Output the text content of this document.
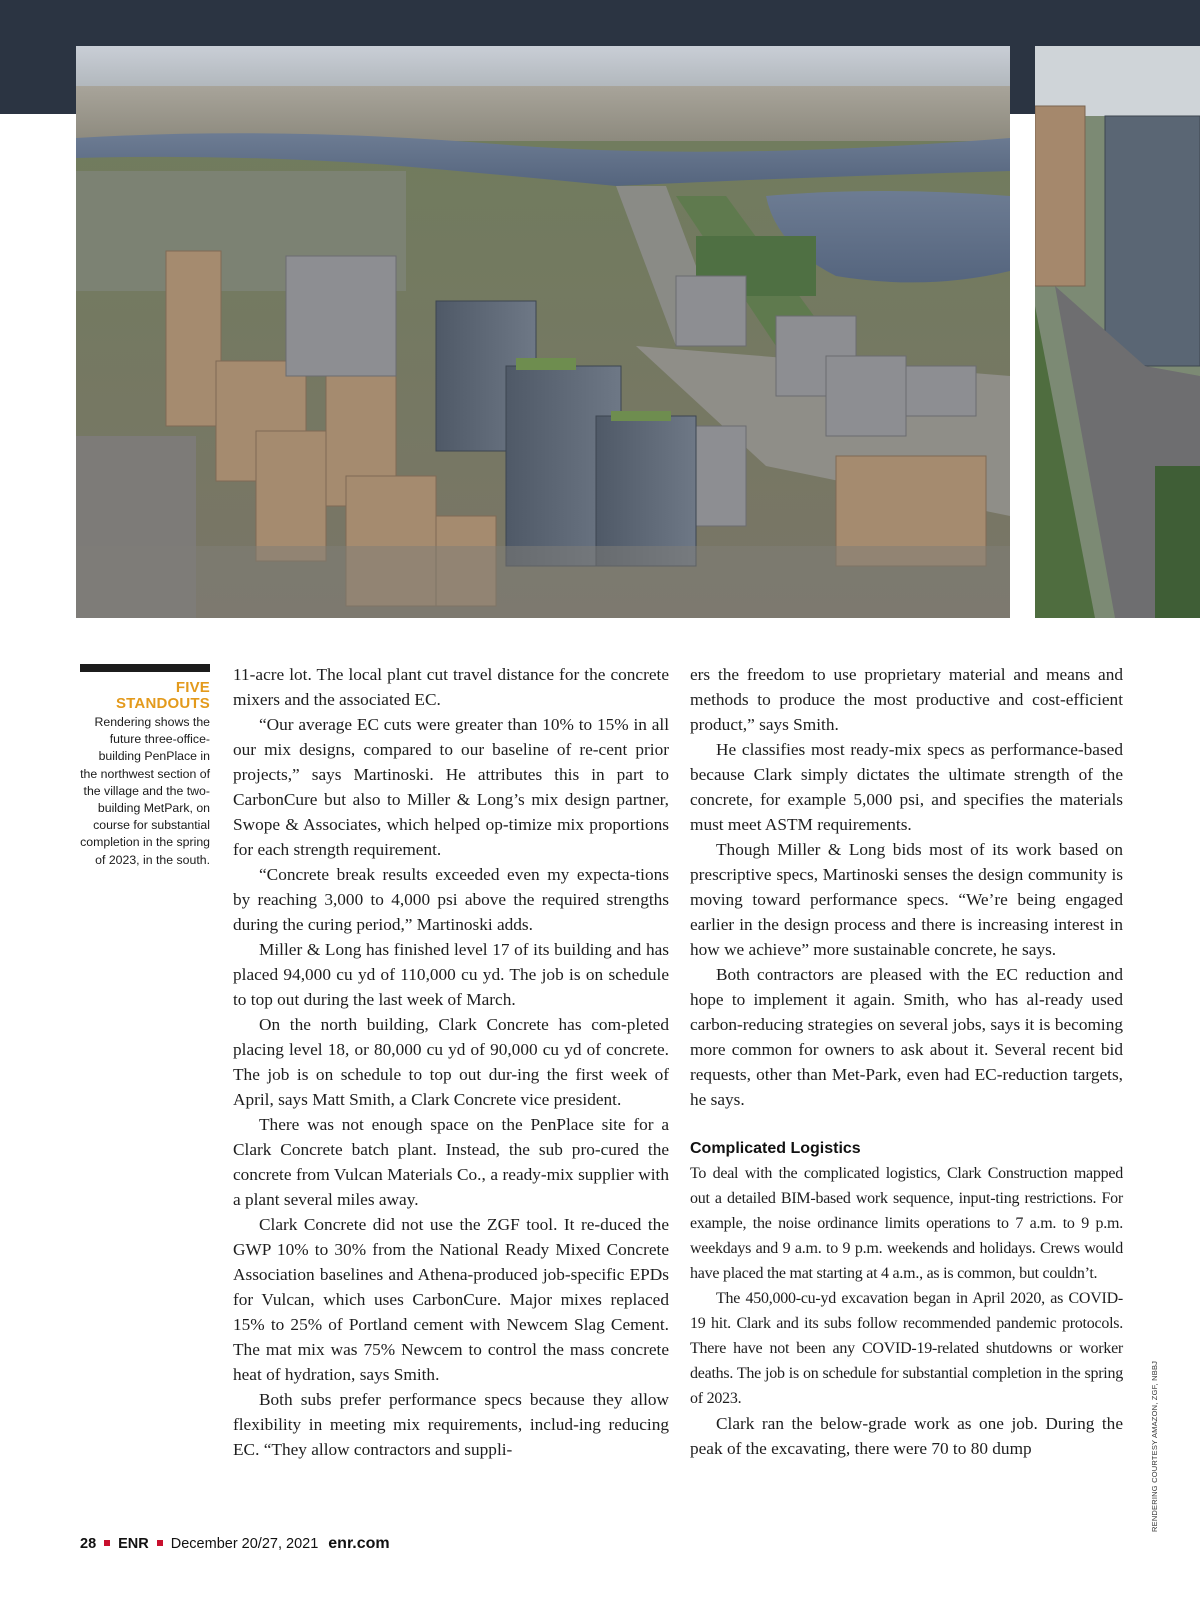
FIVE
STANDOUTS
Rendering shows the future three-office-building PenPlace in the northwest section of the village and the two-building MetPark, on course for substantial completion in the spring of 2023, in the south.

11-acre lot. The local plant cut travel distance for the concrete mixers and the associated EC.

“Our average EC cuts were greater than 10% to 15% in all our mix designs, compared to our baseline of re-cent prior projects,” says Martinoski. He attributes this in part to CarbonCure but also to Miller & Long’s mix design partner, Swope & Associates, which helped op-timize mix proportions for each strength requirement.

“Concrete break results exceeded even my expecta-tions by reaching 3,000 to 4,000 psi above the required strengths during the curing period,” Martinoski adds.

Miller & Long has finished level 17 of its building and has placed 94,000 cu yd of 110,000 cu yd. The job is on schedule to top out during the last week of March.

On the north building, Clark Concrete has com-pleted placing level 18, or 80,000 cu yd of 90,000 cu yd of concrete. The job is on schedule to top out dur-ing the first week of April, says Matt Smith, a Clark Concrete vice president.

There was not enough space on the PenPlace site for a Clark Concrete batch plant. Instead, the sub pro-cured the concrete from Vulcan Materials Co., a ready-mix supplier with a plant several miles away.

Clark Concrete did not use the ZGF tool. It re-duced the GWP 10% to 30% from the National Ready Mixed Concrete Association baselines and Athena-produced job-specific EPDs for Vulcan, which uses CarbonCure. Major mixes replaced 15% to 25% of Portland cement with Newcem Slag Cement. The mat mix was 75% Newcem to control the mass concrete heat of hydration, says Smith.

Both subs prefer performance specs because they allow flexibility in meeting mix requirements, includ-ing reducing EC. “They allow contractors and suppli-

ers the freedom to use proprietary material and means and methods to produce the most productive and cost-efficient product,” says Smith.

He classifies most ready-mix specs as performance-based because Clark simply dictates the ultimate strength of the concrete, for example 5,000 psi, and specifies the materials must meet ASTM requirements.

Though Miller & Long bids most of its work based on prescriptive specs, Martinoski senses the design community is moving toward performance specs. “We’re being engaged earlier in the design process and there is increasing interest in how we achieve” more sustainable concrete, he says.

Both contractors are pleased with the EC reduction and hope to implement it again. Smith, who has al-ready used carbon-reducing strategies on several jobs, says it is becoming more common for owners to ask about it. Several recent bid requests, other than Met-Park, even had EC-reduction targets, he says.

Complicated Logistics

To deal with the complicated logistics, Clark Construction mapped out a detailed BIM-based work sequence, input-ting restrictions. For example, the noise ordinance limits operations to 7 a.m. to 9 p.m. weekdays and 9 a.m. to 9 p.m. weekends and holidays. Crews would have placed the mat starting at 4 a.m., as is common, but couldn’t.

The 450,000-cu-yd excavation began in April 2020, as COVID-19 hit. Clark and its subs follow recommended pandemic protocols. There have not been any COVID-19-related shutdowns or worker deaths. The job is on schedule for substantial completion in the spring of 2023.

Clark ran the below-grade work as one job. During the peak of the excavating, there were 70 to 80 dump	RENDERING COURTESY AMAZON, ZGF, NBBJ
28 ENR December 20/27, 2021 enr.com
